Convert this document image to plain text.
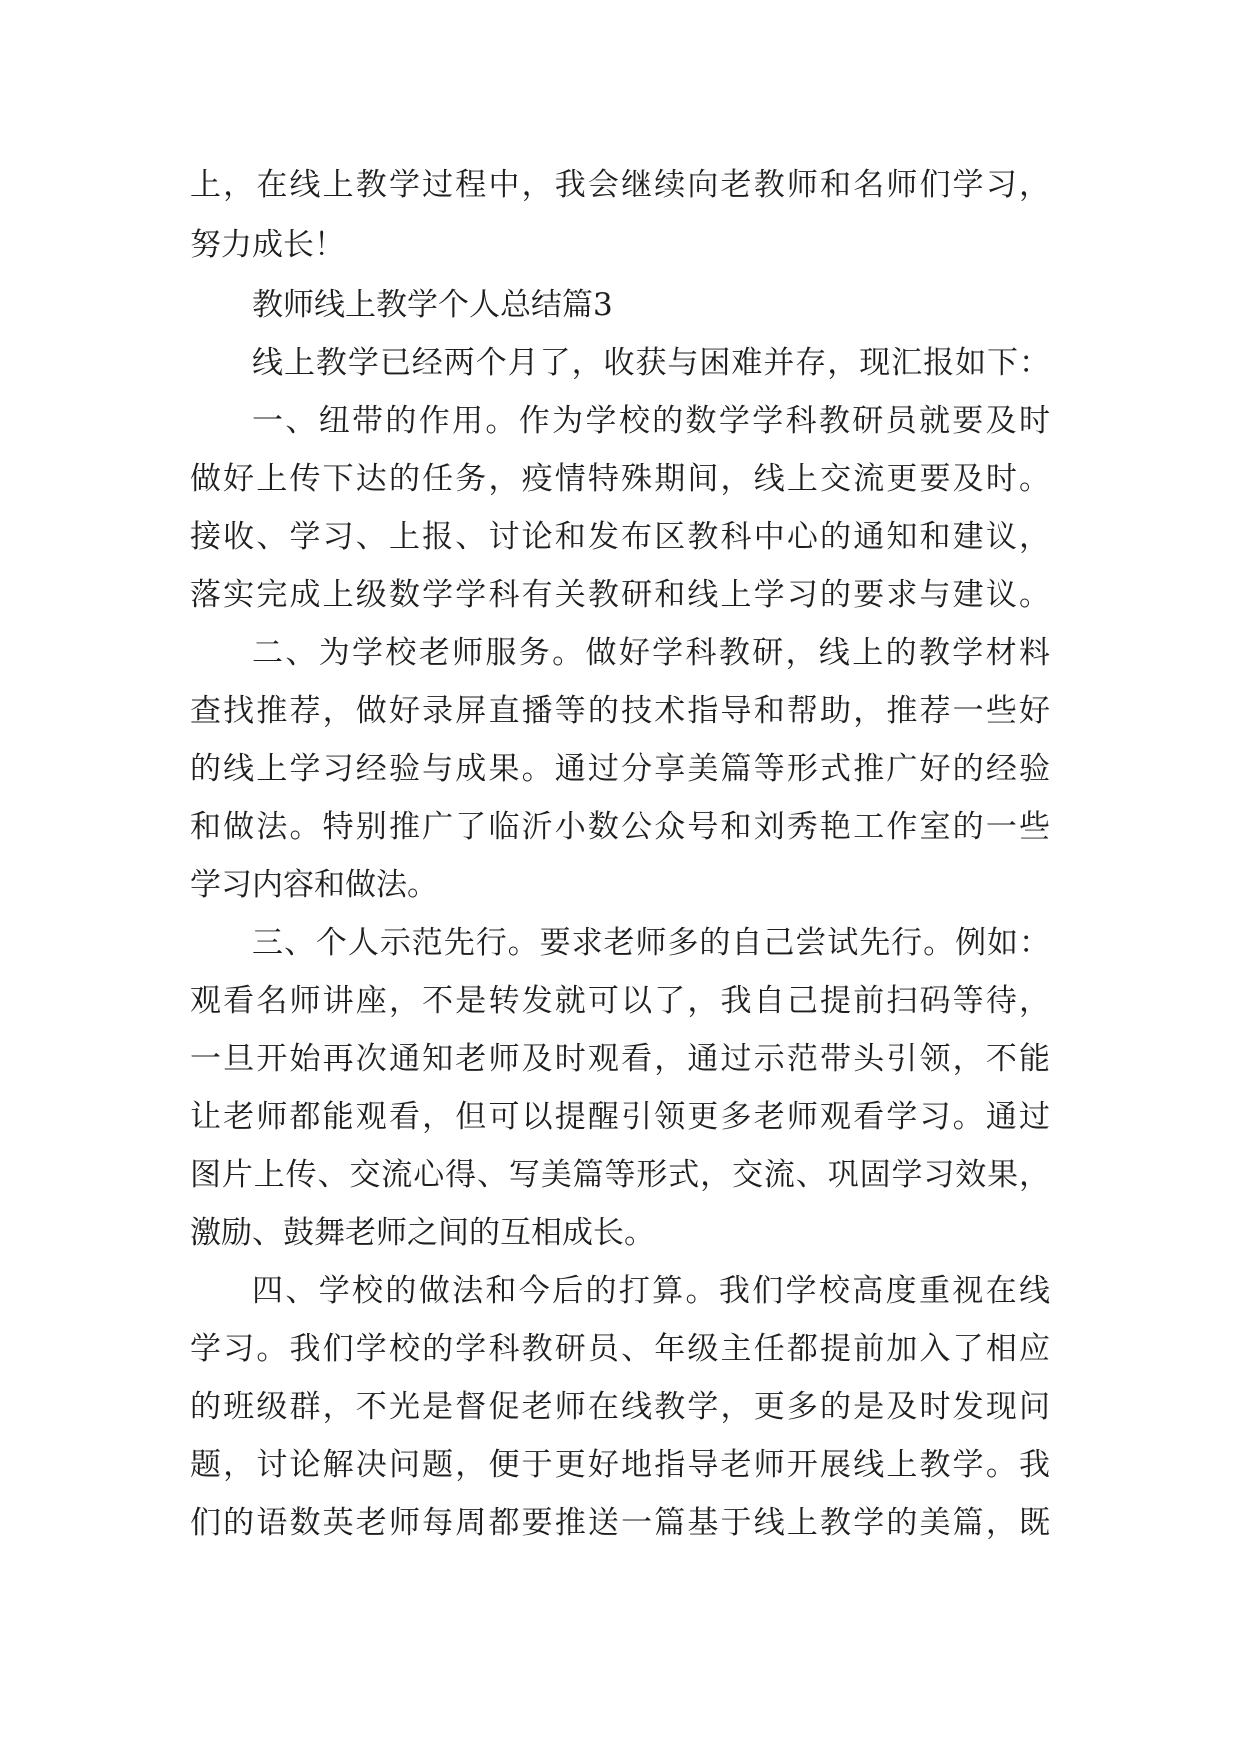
上，在线上教学过程中，我会继续向老教师和名师们学习，
努力成长！
教师线上教学个人总结篇3
线上教学已经两个月了，收获与困难并存，现汇报如下：
一、纽带的作用。作为学校的数学学科教研员就要及时
做好上传下达的任务，疫情特殊期间，线上交流更要及时。
接收、学习、上报、讨论和发布区教科中心的通知和建议，
落实完成上级数学学科有关教研和线上学习的要求与建议。
二、为学校老师服务。做好学科教研，线上的教学材料
查找推荐，做好录屏直播等的技术指导和帮助，推荐一些好
的线上学习经验与成果。通过分享美篇等形式推广好的经验
和做法。特别推广了临沂小数公众号和刘秀艳工作室的一些
学习内容和做法。
三、个人示范先行。要求老师多的自己尝试先行。例如：
观看名师讲座，不是转发就可以了，我自己提前扫码等待，
一旦开始再次通知老师及时观看，通过示范带头引领，不能
让老师都能观看，但可以提醒引领更多老师观看学习。通过
图片上传、交流心得、写美篇等形式，交流、巩固学习效果，
激励、鼓舞老师之间的互相成长。
四、学校的做法和今后的打算。我们学校高度重视在线
学习。我们学校的学科教研员、年级主任都提前加入了相应
的班级群，不光是督促老师在线教学，更多的是及时发现问
题，讨论解决问题，便于更好地指导老师开展线上教学。我
们的语数英老师每周都要推送一篇基于线上教学的美篇，既
